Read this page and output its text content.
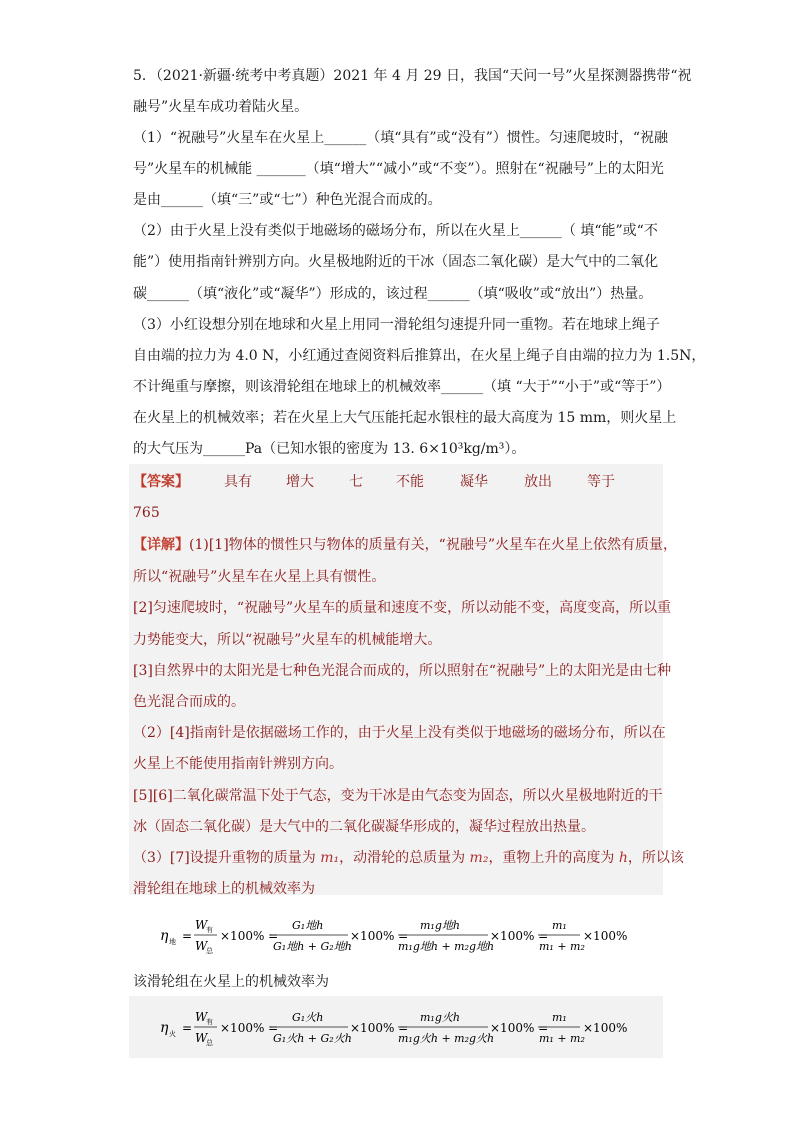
5．（2021·新疆·统考中考真题）2021 年 4 月 29 日，我国“天问一号”火星探测器携带“祝
融号”火星车成功着陆火星。
（1）“祝融号”火星车在火星上______（填“具有”或“没有”）惯性。匀速爬坡时，“祝融
号”火星车的机械能 _______（填“增大”“减小”或“不变”）。照射在“祝融号”上的太阳光
是由______（填“三”或“七”）种色光混合而成的。
（2）由于火星上没有类似于地磁场的磁场分布，所以在火星上______（ 填“能”或“不
能”）使用指南针辨别方向。火星极地附近的干冰（固态二氧化碳）是大气中的二氧化
碳______（填“液化”或“凝华”）形成的，该过程______（填“吸收”或“放出”）热量。
（3）小红设想分别在地球和火星上用同一滑轮组匀速提升同一重物。若在地球上绳子
自由端的拉力为 4.0 N，小红通过查阅资料后推算出，在火星上绳子自由端的拉力为 1.5N，
不计绳重与摩擦，则该滑轮组在地球上的机械效率______（填 “大于”“小于”或“等于”）
在火星上的机械效率；若在火星上大气压能托起水银柱的最大高度为 15 mm，则火星上
的大气压为______Pa（已知水银的密度为 13. 6×10³kg/m³）。
【答案】	具有 增大	七 不能	凝华	放出	等于
765
【详解】(1)[1]物体的惯性只与物体的质量有关，“祝融号”火星车在火星上依然有质量，
所以“祝融号”火星车在火星上具有惯性。
[2]匀速爬坡时，“祝融号”火星车的质量和速度不变，所以动能不变，高度变高，所以重
力势能变大，所以“祝融号”火星车的机械能增大。
[3]自然界中的太阳光是七种色光混合而成的，所以照射在“祝融号”上的太阳光是由七种
色光混合而成的。
（2）[4]指南针是依据磁场工作的，由于火星上没有类似于地磁场的磁场分布，所以在
火星上不能使用指南针辨别方向。
[5][6]二氧化碳常温下处于气态，变为干冰是由气态变为固态，所以火星极地附近的干
冰（固态二氧化碳）是大气中的二氧化碳凝华形成的，凝华过程放出热量。
（3）[7]设提升重物的质量为 m₁，动滑轮的总质量为 m₂，重物上升的高度为 h，所以该
滑轮组在地球上的机械效率为
η 地 =
W
有
W
总
×100% =
G₁地h
G₁地h + G₂地h
×100% =
m₁g地h
m₁g地h + m₂g地h
×100% =
m₁
m₁ + m₂
×100%
该滑轮组在火星上的机械效率为
η 火 =
W
有
W
总
×100% =
G₁火h
G₁火h + G₂火h
×100% =
m₁g火h
m₁g火h + m₂g火h
×100% =
m₁
m₁ + m₂
×100%
